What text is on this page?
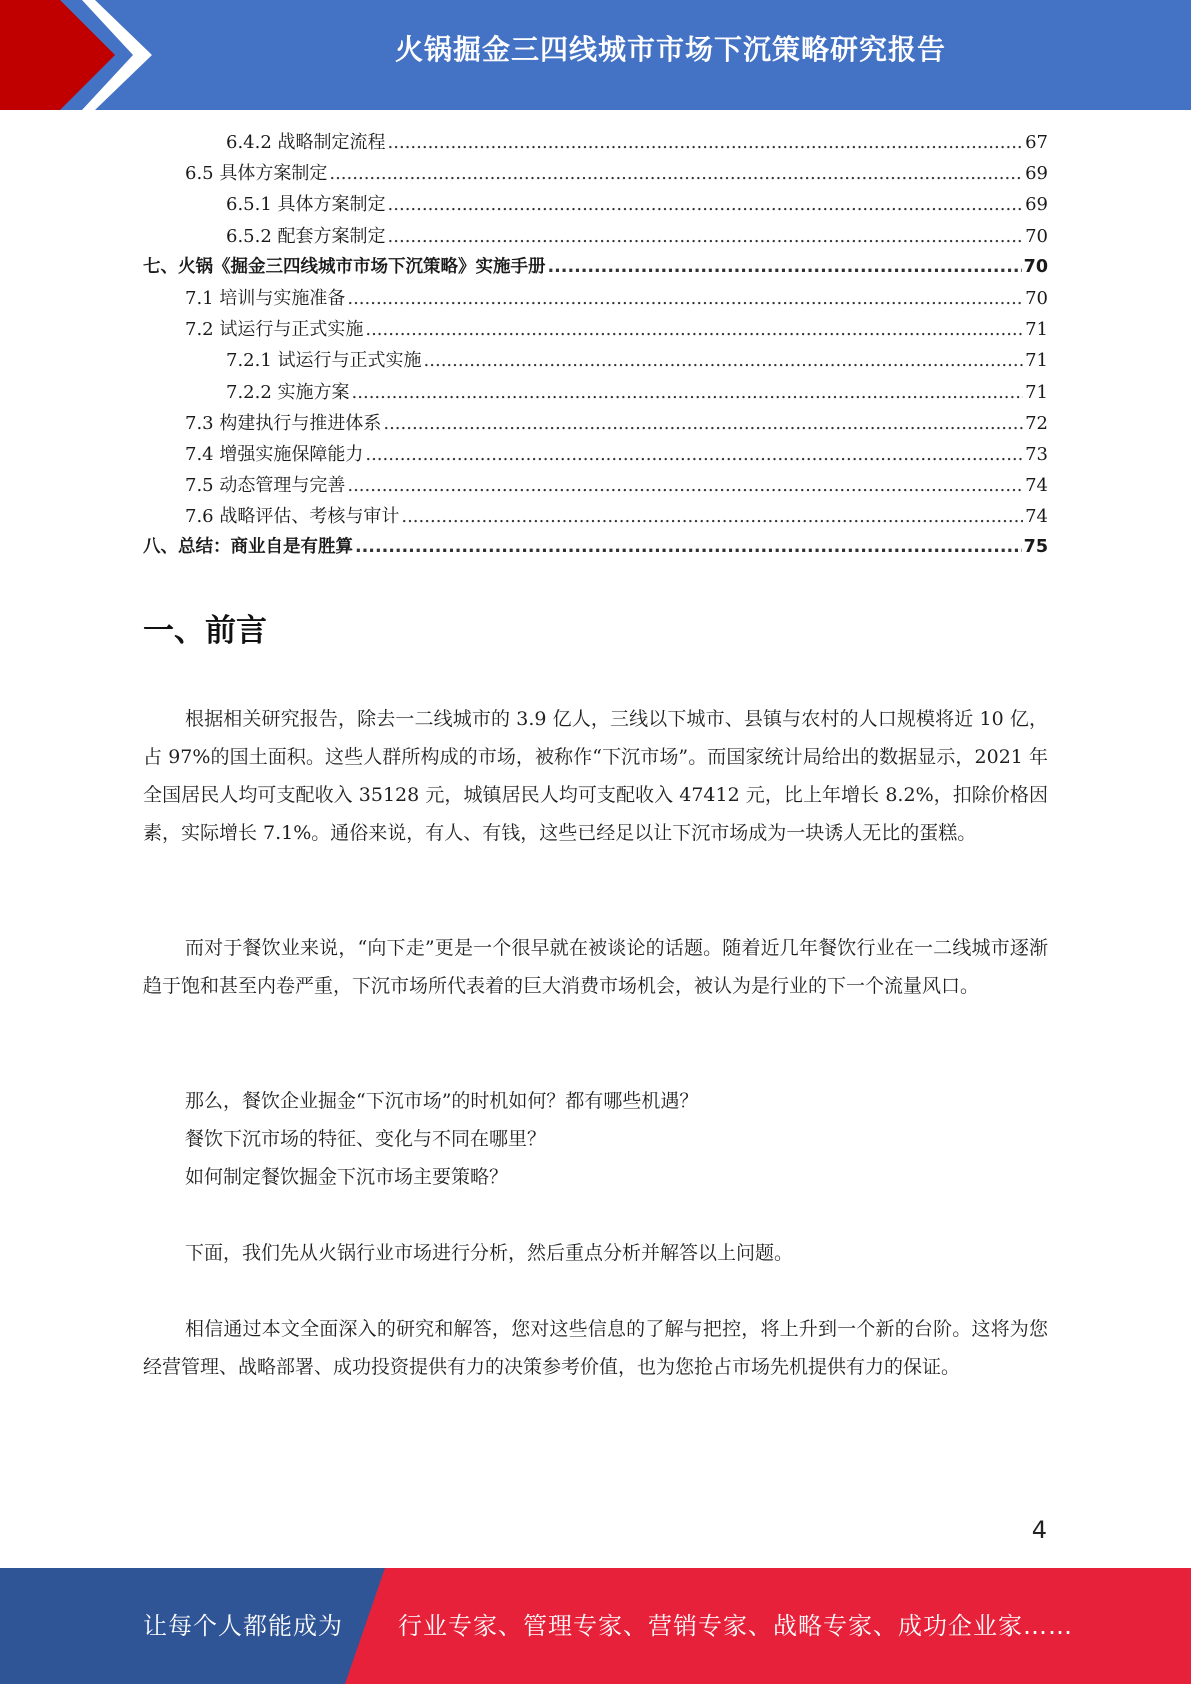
火锅掘金三四线城市市场下沉策略研究报告
6.4.2 战略制定流程 .....	67
6.5 具体方案制定 .....	69
6.5.1 具体方案制定 .....	69
6.5.2 配套方案制定 .....	70
七、火锅《掘金三四线城市市场下沉策略》实施手册 .....	70
7.1 培训与实施准备 .....	70
7.2 试运行与正式实施 .....	71
7.2.1 试运行与正式实施 .....	71
7.2.2 实施方案 .....	71
7.3 构建执行与推进体系 .....	72
7.4 增强实施保障能力 .....	73
7.5 动态管理与完善 .....	74
7.6 战略评估、考核与审计 .....	74
八、总结：商业自是有胜算 .....	75
一、前言

根据相关研究报告，除去一二线城市的 3.9 亿人，三线以下城市、县镇与农村的人口规模将近 10 亿，占 97%的国土面积。这些人群所构成的市场，被称作“下沉市场”。而国家统计局给出的数据显示，2021 年全国居民人均可支配收入 35128 元，城镇居民人均可支配收入 47412 元，比上年增长 8.2%，扣除价格因素，实际增长 7.1%。通俗来说，有人、有钱，这些已经足以让下沉市场成为一块诱人无比的蛋糕。

而对于餐饮业来说，“向下走”更是一个很早就在被谈论的话题。随着近几年餐饮行业在一二线城市逐渐趋于饱和甚至内卷严重，下沉市场所代表着的巨大消费市场机会，被认为是行业的下一个流量风口。

那么，餐饮企业掘金“下沉市场”的时机如何？都有哪些机遇？

餐饮下沉市场的特征、变化与不同在哪里？

如何制定餐饮掘金下沉市场主要策略？

下面，我们先从火锅行业市场进行分析，然后重点分析并解答以上问题。

相信通过本文全面深入的研究和解答，您对这些信息的了解与把控，将上升到一个新的台阶。这将为您经营管理、战略部署、成功投资提供有力的决策参考价值，也为您抢占市场先机提供有力的保证。

4
让每个人都能成为 行业专家、管理专家、营销专家、战略专家、成功企业家……
